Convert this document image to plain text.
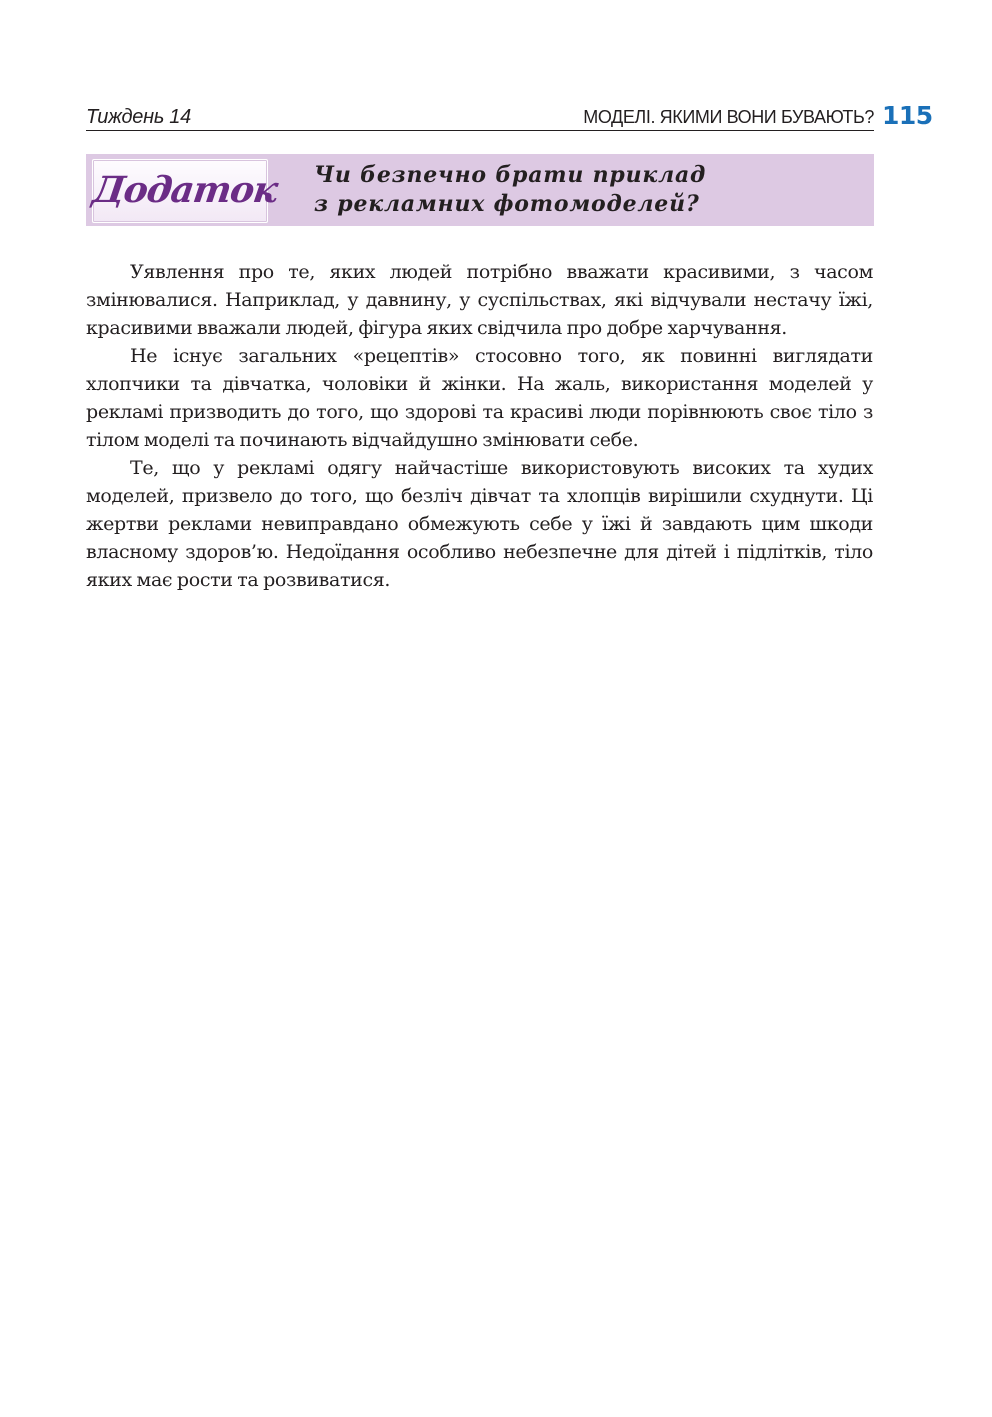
Тиждень 14	МОДЕЛІ. ЯКИМИ ВОНИ БУВАЮТЬ? 115
Додаток Чи безпечно брати приклад
з рекламних фотомоделей?

Уявлення про те, яких людей потрібно вважати красивими, з часом змінювалися. Наприклад, у давнину, у суспільствах, які відчували нестачу їжі, красивими вважали людей, фігура яких свідчила про добре харчування.

Не існує загальних «рецептів» стосовно того, як повинні виглядати хлопчики та дівчатка, чоловіки й жінки. На жаль, використання моделей у рекламі призводить до того, що здорові та красиві люди порівнюють своє тіло з тілом моделі та починають відчайдушно змінювати себе.

Те, що у рекламі одягу найчастіше використовують високих та худих моделей, призвело до того, що безліч дівчат та хлопців вирішили схуднути. Ці жертви реклами невиправдано обмежують себе у їжі й завдають цим шкоди власному здоров’ю. Недоїдання особливо небезпечне для дітей і підлітків, тіло яких має рости та розвиватися.
